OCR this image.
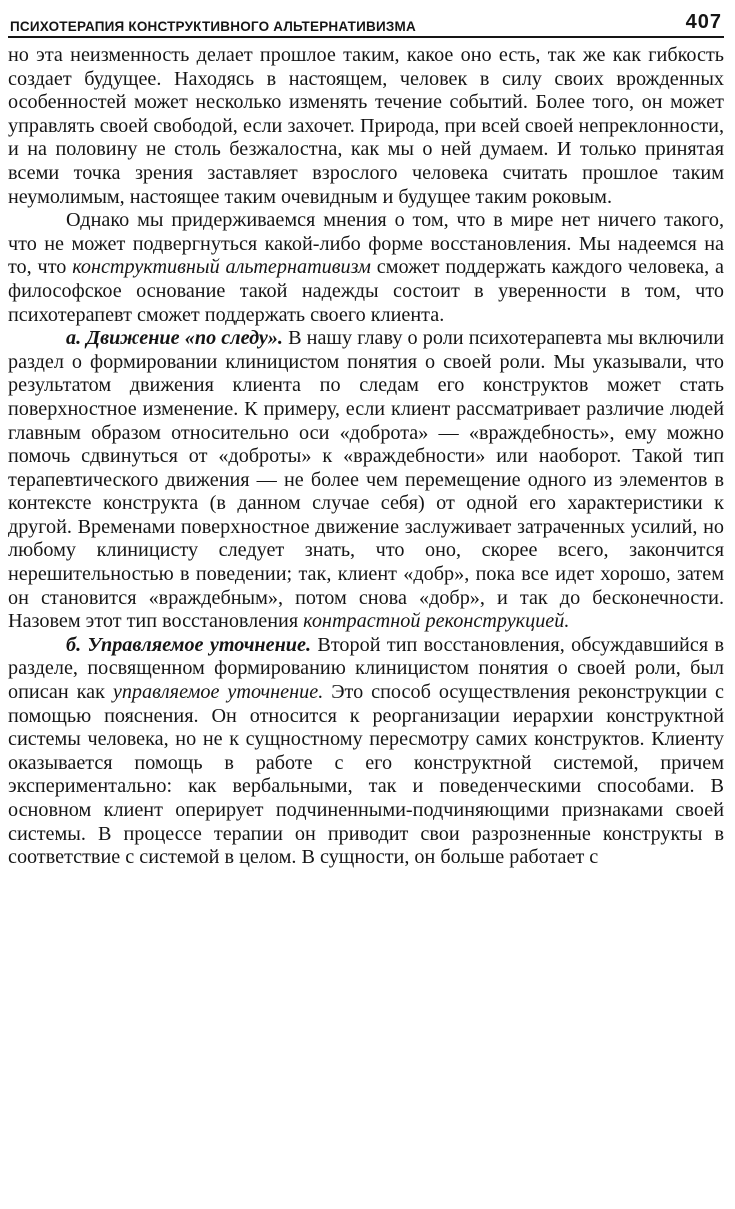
ПСИХОТЕРАПИЯ КОНСТРУКТИВНОГО АЛЬТЕРНАТИВИЗМА	407

но эта неизменность делает прошлое таким, какое оно есть, так же как гибкость создает будущее. Находясь в настоящем, человек в силу своих врожденных особенностей может несколько изменять течение событий. Более того, он может управлять своей свободой, если захочет. Природа, при всей своей непреклонности, и на половину не столь безжалостна, как мы о ней думаем. И только принятая всеми точка зрения заставляет взрослого человека считать прошлое таким неумолимым, настоящее таким очевидным и будущее таким роковым.

Однако мы придерживаемся мнения о том, что в мире нет ничего такого, что не может подвергнуться какой-либо форме восстановления. Мы надеемся на то, что конструктивный альтернативизм сможет поддержать каждого человека, а философское основание такой надежды состоит в уверенности в том, что психотерапевт сможет поддержать своего клиента.

а. Движение «по следу». В нашу главу о роли психотерапевта мы включили раздел о формировании клиницистом понятия о своей роли. Мы указывали, что результатом движения клиента по следам его конструктов может стать поверхностное изменение. К примеру, если клиент рассматривает различие людей главным образом относительно оси «доброта» — «враждебность», ему можно помочь сдвинуться от «доброты» к «враждебности» или наоборот. Такой тип терапевтического движения — не более чем перемещение одного из элементов в контексте конструкта (в данном случае себя) от одной его характеристики к другой. Временами поверхностное движение заслуживает затраченных усилий, но любому клиницисту следует знать, что оно, скорее всего, закончится нерешительностью в поведении; так, клиент «добр», пока все идет хорошо, затем он становится «враждебным», потом снова «добр», и так до бесконечности. Назовем этот тип восстановления контрастной реконструкцией.

б. Управляемое уточнение. Второй тип восстановления, обсуждавшийся в разделе, посвященном формированию клиницистом понятия о своей роли, был описан как управляемое уточнение. Это способ осуществления реконструкции с помощью пояснения. Он относится к реорганизации иерархии конструктной системы человека, но не к сущностному пересмотру самих конструктов. Клиенту оказывается помощь в работе с его конструктной системой, причем экспериментально: как вербальными, так и поведенческими способами. В основном клиент оперирует подчиненными-подчиняющими признаками своей системы. В процессе терапии он приводит свои разрозненные конструкты в соответствие с системой в целом. В сущности, он больше работает с
